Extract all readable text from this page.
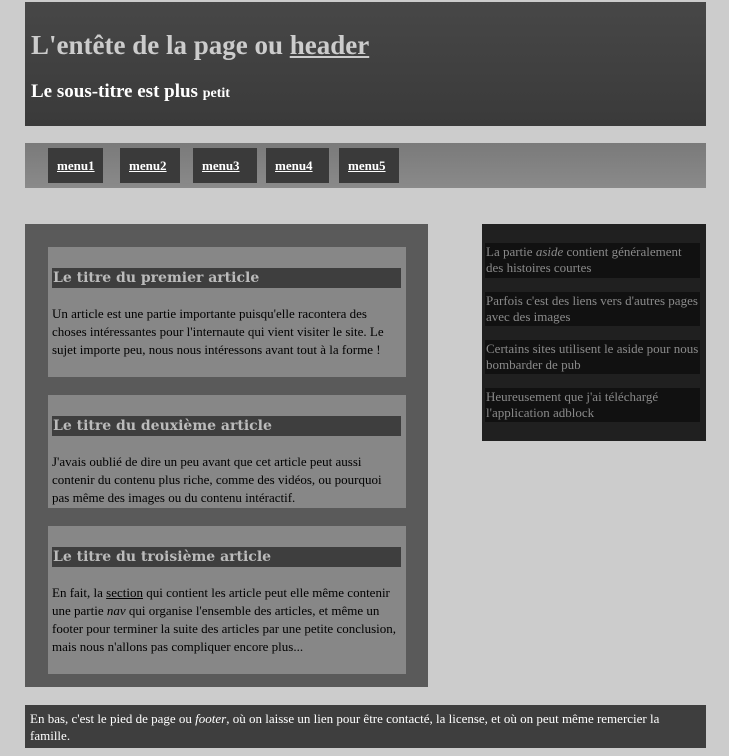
L'entête de la page ou header
Le sous-titre est plus petit
menu1	menu2	menu3	menu4	menu5
Le titre du premier article

Un article est une partie importante puisqu'elle racontera des choses intéressantes pour l'internaute qui vient visiter le site. Le sujet importe peu, nous nous intéressons avant tout à la forme !

Le titre du deuxième article

J'avais oublié de dire un peu avant que cet article peut aussi contenir du contenu plus riche, comme des vidéos, ou pourquoi pas même des images ou du contenu intéractif.

Le titre du troisième article

En fait, la section qui contient les article peut elle même contenir une partie nav qui organise l'ensemble des articles, et même un footer pour terminer la suite des articles par une petite conclusion, mais nous n'allons pas compliquer encore plus...

La partie aside contient généralement des histoires courtes
Parfois c'est des liens vers d'autres pages avec des images
Certains sites utilisent le aside pour nous bombarder de pub
Heureusement que j'ai téléchargé l'application adblock

En bas, c'est le pied de page ou footer, où on laisse un lien pour être contacté, la license, et où on peut même remercier la famille.
